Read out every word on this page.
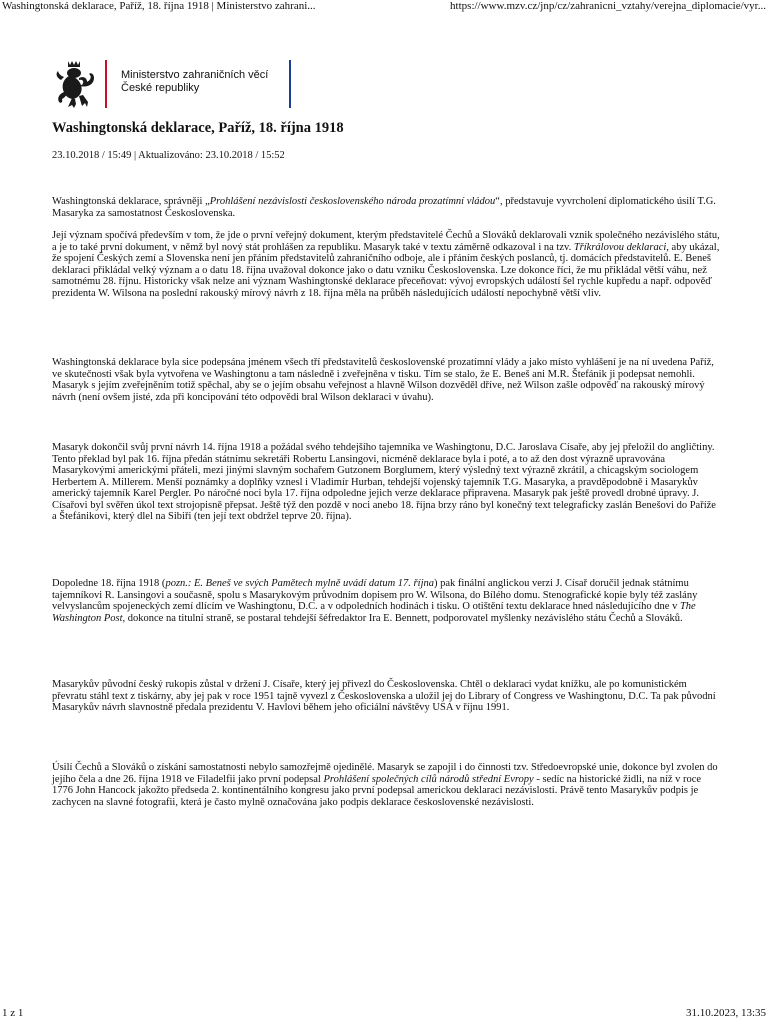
Washingtonská deklarace, Paříž, 18. října 1918 | Ministerstvo zahrani...	https://www.mzv.cz/jnp/cz/zahranicni_vztahy/verejna_diplomacie/vyr...
Ministerstvo zahraničních věcí
České republiky
Washingtonská deklarace, Paříž, 18. října 1918
23.10.2018 / 15:49 | Aktualizováno: 23.10.2018 / 15:52

Washingtonská deklarace, správněji „Prohlášení nezávislosti československého národa prozatímní vládou“, představuje vyvrcholení diplomatického úsilí T.G. Masaryka za samostatnost Československa.

Její význam spočívá především v tom, že jde o první veřejný dokument, kterým představitelé Čechů a Slováků deklarovali vznik společného nezávislého státu, a je to také první dokument, v němž byl nový stát prohlášen za republiku. Masaryk také v textu záměrně odkazoval i na tzv. Tříkrálovou deklaraci, aby ukázal, že spojení Českých zemí a Slovenska není jen přáním představitelů zahraničního odboje, ale i přáním českých poslanců, tj. domácích představitelů. E. Beneš deklaraci přikládal velký význam a o datu 18. října uvažoval dokonce jako o datu vzniku Československa. Lze dokonce říci, že mu přikládal větší váhu, než samotnému 28. říjnu. Historicky však nelze ani význam Washingtonské deklarace přeceňovat: vývoj evropských událostí šel rychle kupředu a např. odpověď prezidenta W. Wilsona na poslední rakouský mírový návrh z 18. října měla na průběh následujících událostí nepochybně větší vliv.

Washingtonská deklarace byla sice podepsána jménem všech tří představitelů československé prozatímní vlády a jako místo vyhlášení je na ní uvedena Paříž, ve skutečnosti však byla vytvořena ve Washingtonu a tam následně i zveřejněna v tisku. Tím se stalo, že E. Beneš ani M.R. Štefánik ji podepsat nemohli. Masaryk s jejím zveřejněním totiž spěchal, aby se o jejím obsahu veřejnost a hlavně Wilson dozvěděl dříve, než Wilson zašle odpověď na rakouský mírový návrh (není ovšem jisté, zda při koncipování této odpovědi bral Wilson deklaraci v úvahu).

Masaryk dokončil svůj první návrh 14. října 1918 a požádal svého tehdejšího tajemníka ve Washingtonu, D.C. Jaroslava Císaře, aby jej přeložil do angličtiny. Tento překlad byl pak 16. října předán státnímu sekretáři Robertu Lansingovi, nicméně deklarace byla i poté, a to až den dost výrazně upravována Masarykovými americkými přáteli, mezi jinými slavným sochařem Gutzonem Borglumem, který výsledný text výrazně zkrátil, a chicagským sociologem Herbertem A. Millerem. Menší poznámky a doplňky vznesl i Vladimír Hurban, tehdejší vojenský tajemník T.G. Masaryka, a pravděpodobně i Masarykův americký tajemník Karel Pergler. Po náročné noci byla 17. října odpoledne jejich verze deklarace připravena. Masaryk pak ještě provedl drobné úpravy. J. Císařovi byl svěřen úkol text strojopisně přepsat. Ještě týž den pozdě v noci anebo 18. října brzy ráno byl konečný text telegraficky zaslán Benešovi do Paříže a Štefánikovi, který dlel na Sibiři (ten její text obdržel teprve 20. října).

Dopoledne 18. října 1918 (pozn.: E. Beneš ve svých Pamětech mylně uvádí datum 17. října) pak finální anglickou verzi J. Císař doručil jednak státnímu tajemníkovi R. Lansingovi a současně, spolu s Masarykovým průvodním dopisem pro W. Wilsona, do Bílého domu. Stenografické kopie byly též zaslány velvyslancům spojeneckých zemí dlícím ve Washingtonu, D.C. a v odpoledních hodinách i tisku. O otištění textu deklarace hned následujícího dne v The Washington Post, dokonce na titulní straně, se postaral tehdejší šéfredaktor Ira E. Bennett, podporovatel myšlenky nezávislého státu Čechů a Slováků.

Masarykův původní český rukopis zůstal v držení J. Císaře, který jej přivezl do Československa. Chtěl o deklaraci vydat knížku, ale po komunistickém převratu stáhl text z tiskárny, aby jej pak v roce 1951 tajně vyvezl z Československa a uložil jej do Library of Congress ve Washingtonu, D.C. Ta pak původní Masarykův návrh slavnostně předala prezidentu V. Havlovi během jeho oficiální návštěvy USA v říjnu 1991.

Úsilí Čechů a Slováků o získání samostatnosti nebylo samozřejmě ojedinělé. Masaryk se zapojil i do činnosti tzv. Středoevropské unie, dokonce byl zvolen do jejího čela a dne 26. října 1918 ve Filadelfii jako první podepsal Prohlášení společných cílů národů střední Evropy - sedíc na historické židli, na níž v roce 1776 John Hancock jakožto předseda 2. kontinentálního kongresu jako první podepsal americkou deklaraci nezávislosti. Právě tento Masarykův podpis je zachycen na slavné fotografii, která je často mylně označována jako podpis deklarace československé nezávislosti.

1 z 1	31.10.2023, 13:35
